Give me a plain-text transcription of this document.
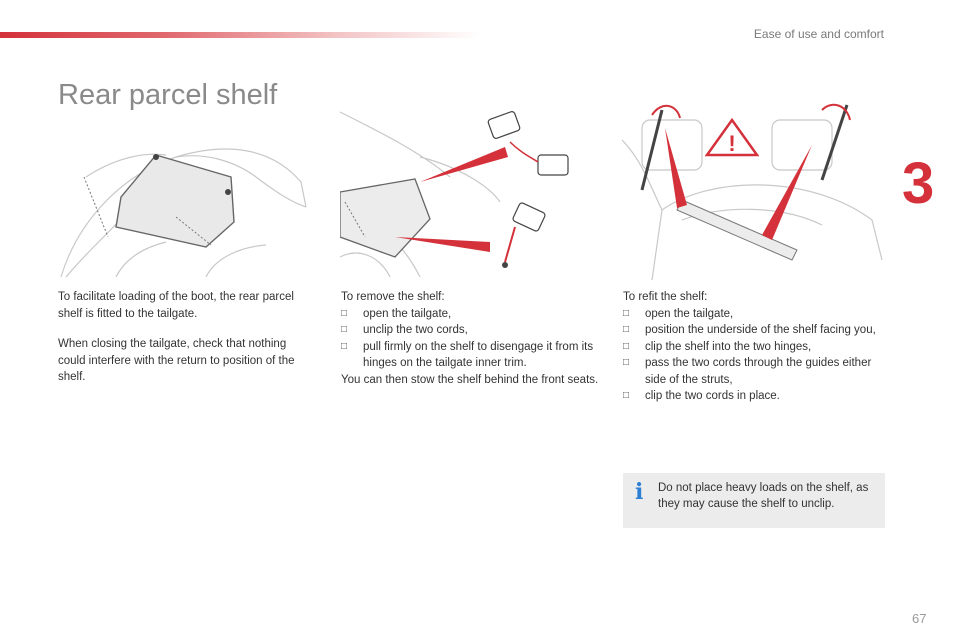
Ease of use and comfort
Rear parcel shelf
3
!

To facilitate loading of the boot, the rear parcel shelf is fitted to the tailgate.

When closing the tailgate, check that nothing could interfere with the return to position of the shelf.

To remove the shelf:

□	open the tailgate,
□	unclip the two cords,
□	pull firmly on the shelf to disengage it from its hinges on the tailgate inner trim.

You can then stow the shelf behind the front seats.

To refit the shelf:

□	open the tailgate,
□	position the underside of the shelf facing you,
□	clip the shelf into the two hinges,
□	pass the two cords through the guides either side of the struts,
□	clip the two cords in place.
i Do not place heavy loads on the shelf, as they may cause the shelf to unclip.
67
